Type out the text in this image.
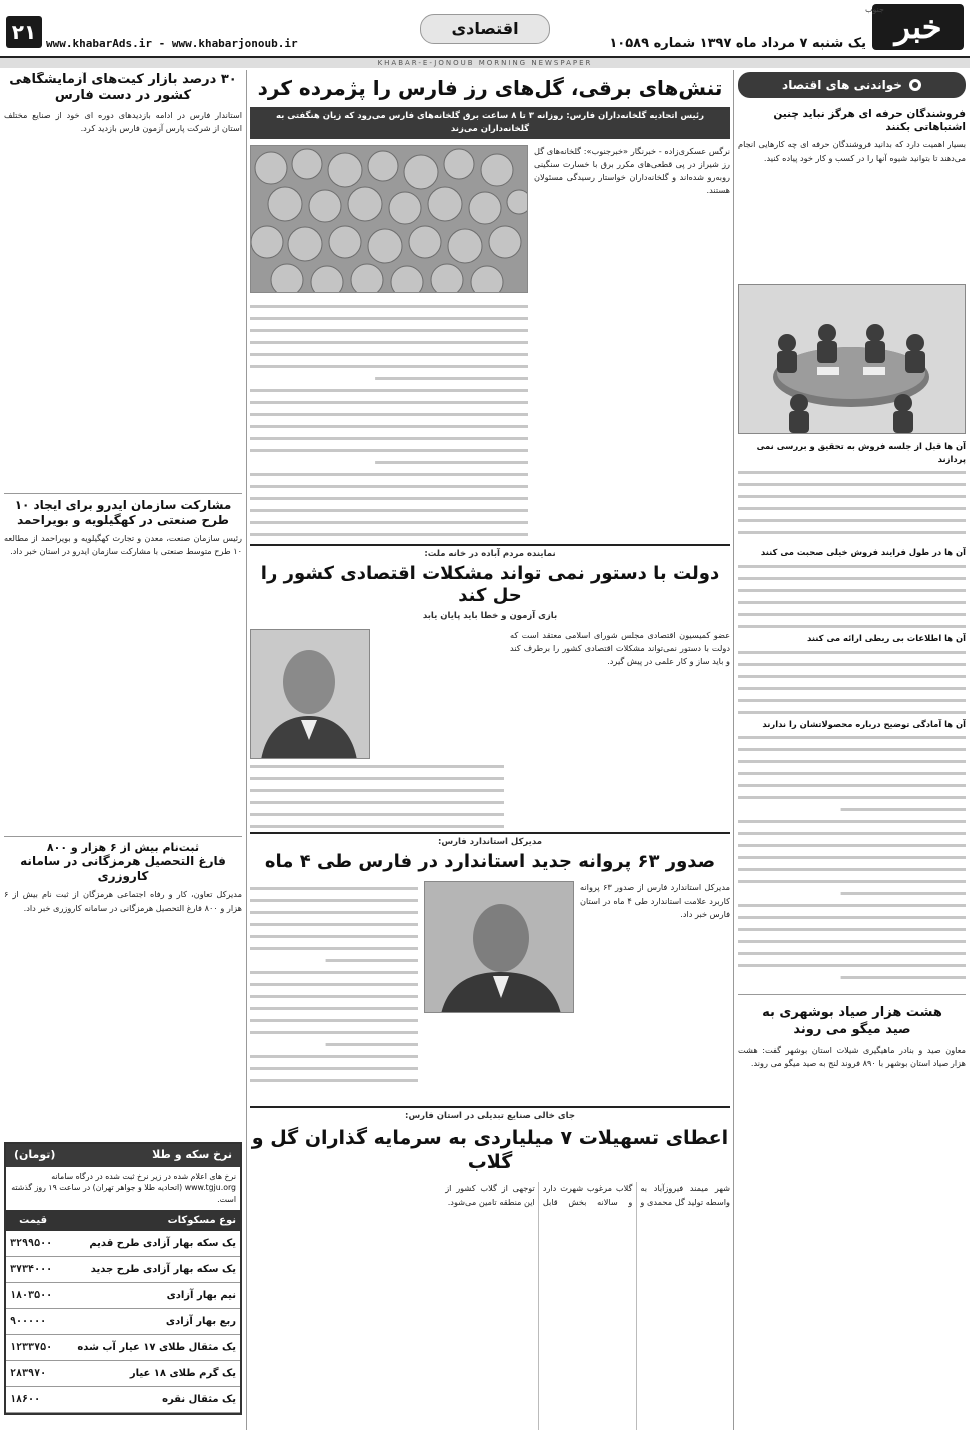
خبر
جنوب
یک شنبه ۷ مرداد ماه ۱۳۹۷ شماره ۱۰۵۸۹
اقتصادی
www.khabarAds.ir - www.khabarjonoub.ir
۲۱
KHABAR-E-JONOUB MORNING NEWSPAPER
خواندنی های اقتصاد
فروشندگان حرفه ای هرگز نباید چنین اشتباهاتی بکنند
بسیار اهمیت دارد که بدانید فروشندگان حرفه ای چه کارهایی انجام می‌دهند تا بتوانید شیوه آنها را در کسب و کار خود پیاده کنید.
آن ها قبل از جلسه فروش به تحقیق و بررسی نمی پردازند
آن ها در طول فرایند فروش خیلی صحبت می کنند
آن ها اطلاعات بی ربطی ارائه می کنند
آن ها آمادگی توضیح درباره محصولاتشان را ندارند
هشت هزار صیاد بوشهری به صید میگو می روند
معاون صید و بنادر ماهیگیری شیلات استان بوشهر گفت: هشت هزار صیاد استان بوشهر با ۸۹۰ فروند لنج به صید میگو می روند.
تنش‌های برقی، گل‌های رز فارس را پژمرده کرد
رئیس اتحادیه گلخانه‌داران فارس: روزانه ۳ تا ۸ ساعت برق گلخانه‌های فارس می‌رود که زیان هنگفتی به گلخانه‌داران می‌زند
نرگس عسکری‌زاده - خبرنگار «خبرجنوب»: گلخانه‌های گل رز شیراز در پی قطعی‌های مکرر برق با خسارت سنگینی روبه‌رو شده‌اند و گلخانه‌داران خواستار رسیدگی مسئولان هستند.
نماینده مردم آباده در خانه ملت:
دولت با دستور نمی تواند مشکلات اقتصادی کشور را حل کند
بازی آزمون و خطا باید پایان یابد
عضو کمیسیون اقتصادی مجلس شورای اسلامی معتقد است که دولت با دستور نمی‌تواند مشکلات اقتصادی کشور را برطرف کند و باید ساز و کار علمی در پیش گیرد.
مدیرکل استاندارد فارس:
صدور ۶۳ پروانه جدید استاندارد در فارس طی ۴ ماه
مدیرکل استاندارد فارس از صدور ۶۳ پروانه کاربرد علامت استاندارد طی ۴ ماه در استان فارس خبر داد.
جای خالی صنایع تبدیلی در استان فارس:
اعطای تسهیلات ۷ میلیاردی به سرمایه گذاران گل و گلاب
شهر میمند فیروزآباد به واسطه تولید گل محمدی و گلاب مرغوب شهرت دارد و سالانه بخش قابل توجهی از گلاب کشور از این منطقه تامین می‌شود.
۳۰ درصد بازار کیت‌های آزمایشگاهی کشور در دست فارس
استاندار فارس در ادامه بازدیدهای دوره ای خود از صنایع مختلف استان از شرکت پارس آزمون فارس بازدید کرد.
مشارکت سازمان ایدرو برای ایجاد ۱۰ طرح صنعتی در کهگیلویه و بویراحمد
رئیس سازمان صنعت، معدن و تجارت کهگیلویه و بویراحمد از مطالعه ۱۰ طرح متوسط صنعتی با مشارکت سازمان ایدرو در استان خبر داد.
ثبت‌نام بیش از ۶ هزار و ۸۰۰
فارغ التحصیل هرمزگانی در سامانه کاروزری
مدیرکل تعاون، کار و رفاه اجتماعی هرمزگان از ثبت نام بیش از ۶ هزار و ۸۰۰ فارغ التحصیل هرمزگانی در سامانه کاروزری خبر داد.
نرخ سکه و طلا
(تومان)
نرخ های اعلام شده در زیر نرخ ثبت شده در درگاه سامانه www.tgju.org (اتحادیه طلا و جواهر تهران) در ساعت ۱۹ روز گذشته است.
نوع مسکوکات	قیمت
یک سکه بهار آزادی طرح قدیم	۳۲۹۹۵۰۰
یک سکه بهار آزادی طرح جدید	۳۷۳۴۰۰۰
نیم بهار آزادی	۱۸۰۳۵۰۰
ربع بهار آزادی	۹۰۰۰۰۰
یک مثقال طلای ۱۷ عیار آب شده	۱۲۳۳۷۵۰
یک گرم طلای ۱۸ عیار	۲۸۳۹۷۰
یک مثقال نقره	۱۸۶۰۰
